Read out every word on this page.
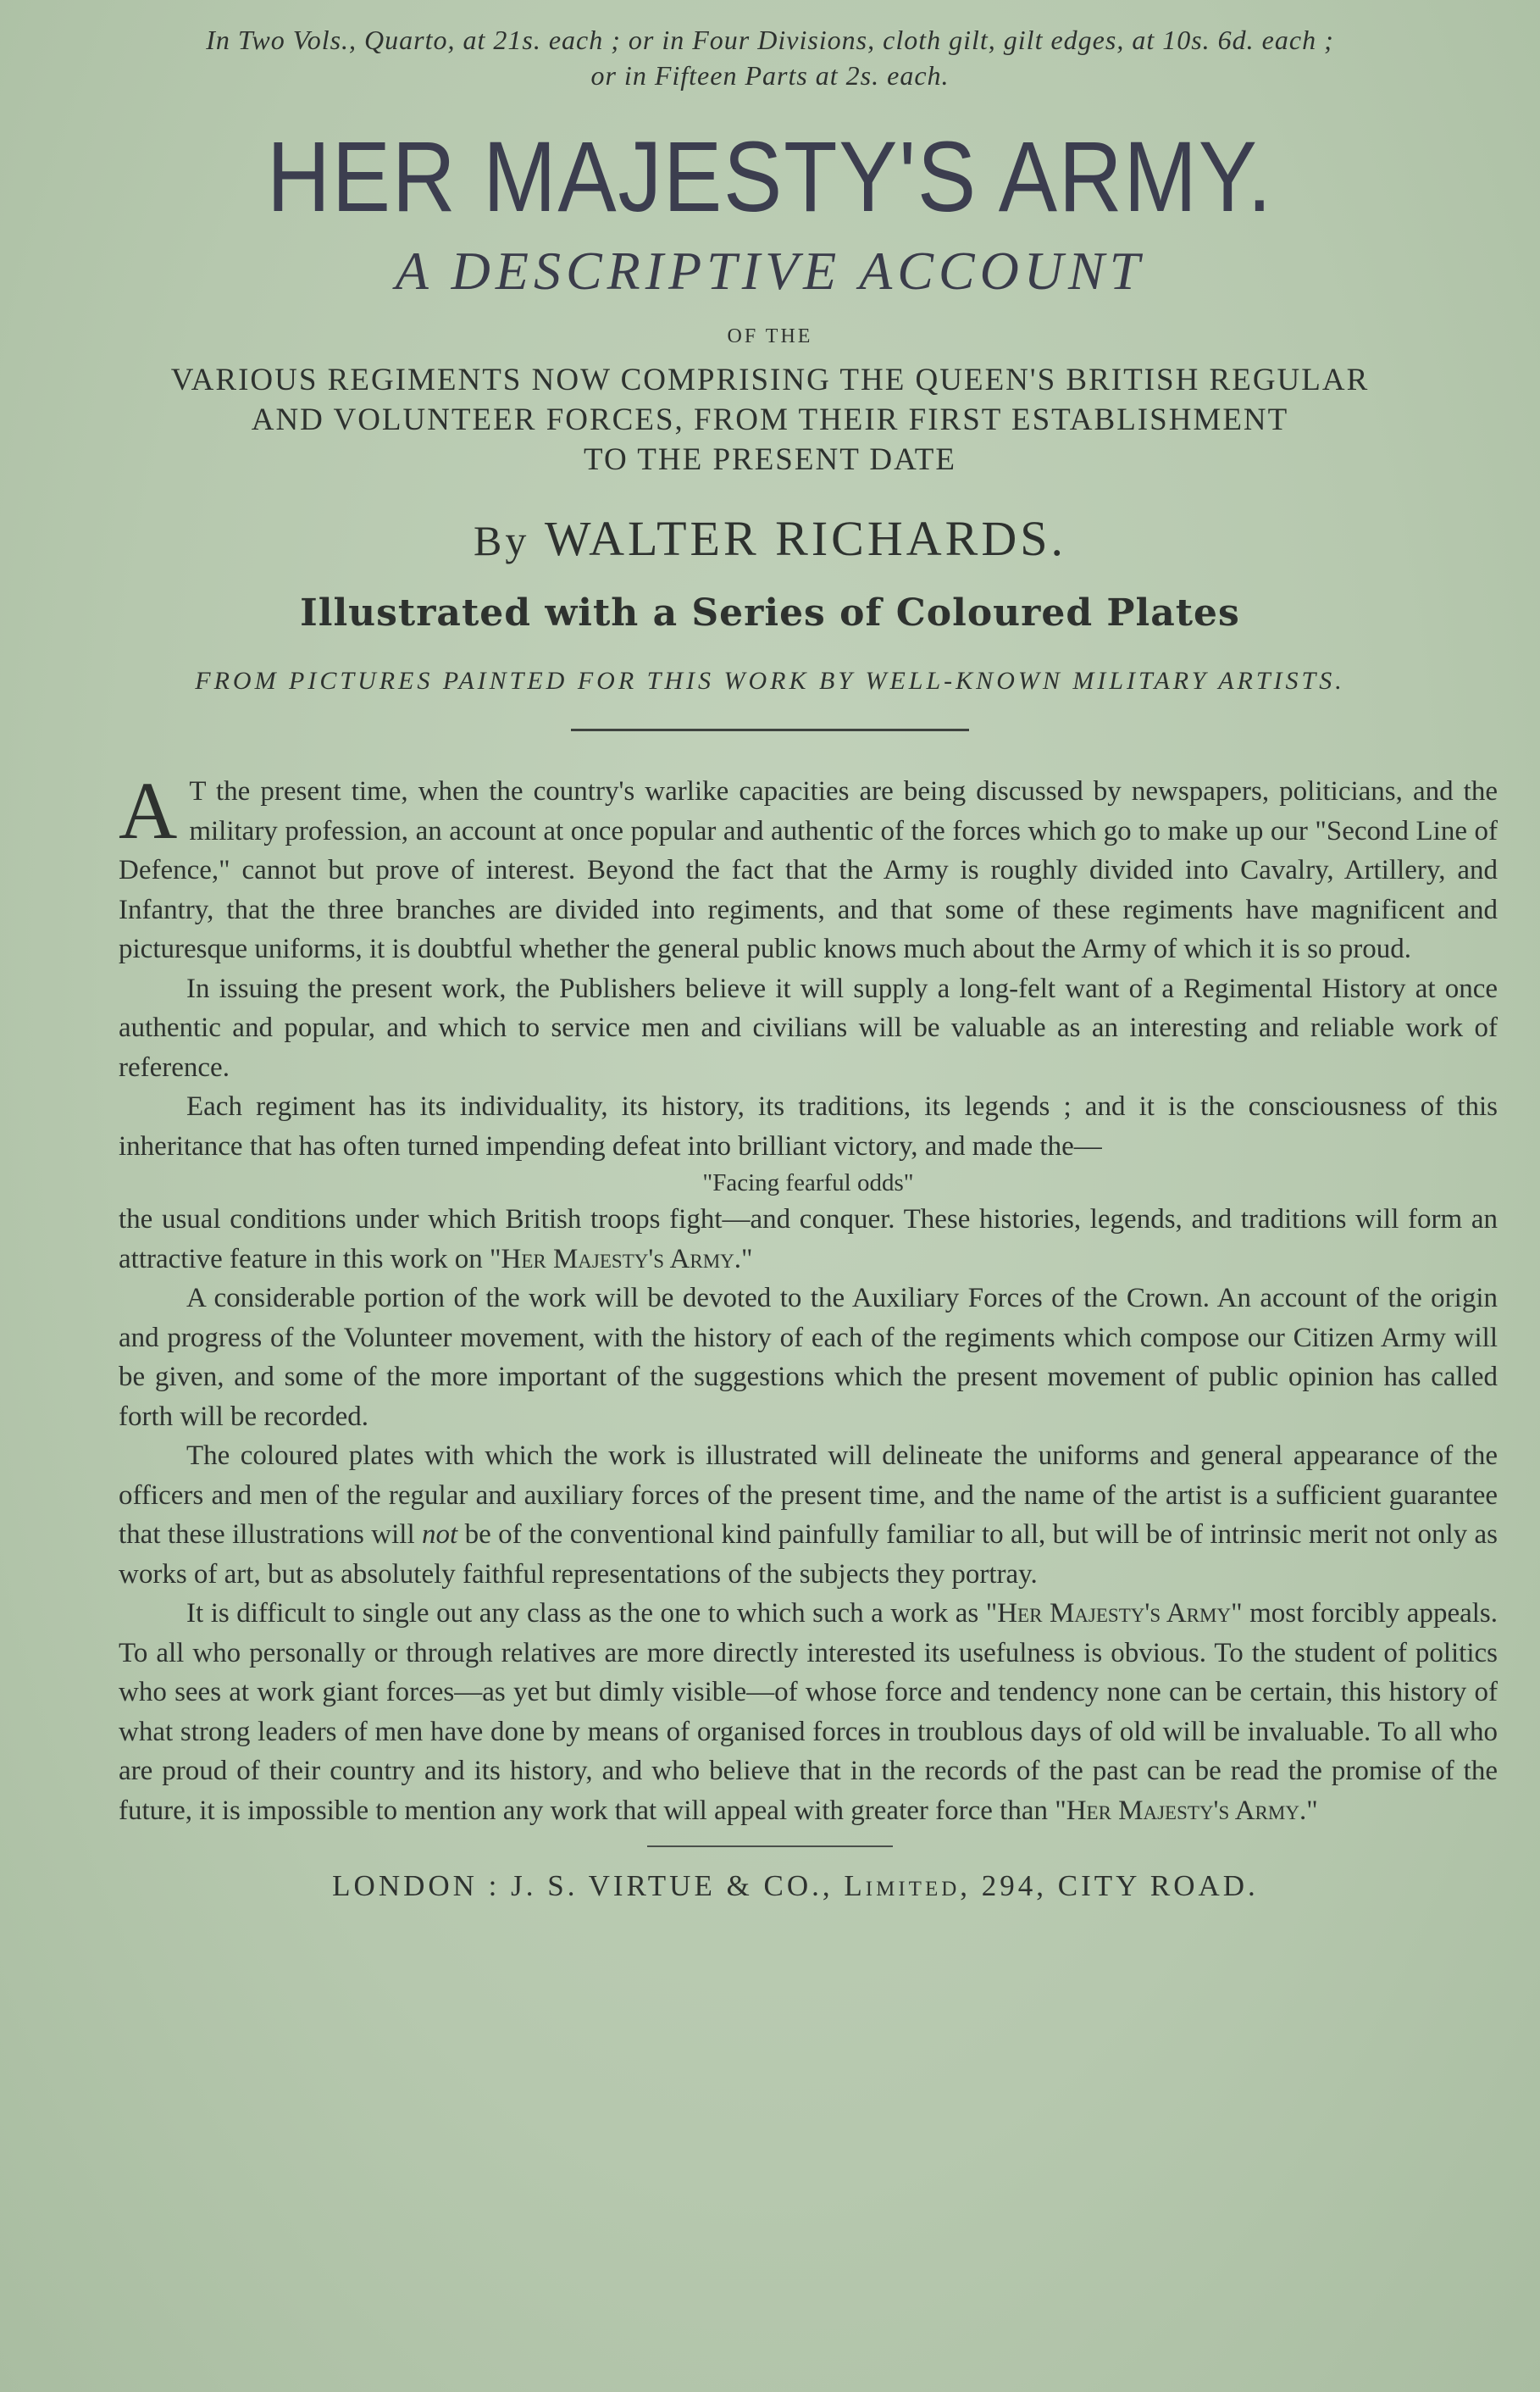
In Two Vols., Quarto, at 21s. each ; or in Four Divisions, cloth gilt, gilt edges, at 10s. 6d. each ;
or in Fifteen Parts at 2s. each.
HER MAJESTY'S ARMY.
A DESCRIPTIVE ACCOUNT
OF THE
VARIOUS REGIMENTS NOW COMPRISING THE QUEEN'S BRITISH REGULAR
AND VOLUNTEER FORCES, FROM THEIR FIRST ESTABLISHMENT
TO THE PRESENT DATE
By WALTER RICHARDS.
Illustrated with a Series of Coloured Plates
FROM PICTURES PAINTED FOR THIS WORK BY WELL-KNOWN MILITARY ARTISTS.

A T the present time, when the country's warlike capacities are being discussed by newspapers, politicians, and the military profession, an account at once popular and authentic of the forces which go to make up our "Second Line of Defence," cannot but prove of interest. Beyond the fact that the Army is roughly divided into Cavalry, Artillery, and Infantry, that the three branches are divided into regiments, and that some of these regiments have magnificent and picturesque uniforms, it is doubtful whether the general public knows much about the Army of which it is so proud.

In issuing the present work, the Publishers believe it will supply a long-felt want of a Regimental History at once authentic and popular, and which to service men and civilians will be valuable as an interesting and reliable work of reference.

Each regiment has its individuality, its history, its traditions, its legends ; and it is the consciousness of this inheritance that has often turned impending defeat into brilliant victory, and made the—

"Facing fearful odds"

the usual conditions under which British troops fight—and conquer. These histories, legends, and traditions will form an attractive feature in this work on "Her Majesty's Army."

A considerable portion of the work will be devoted to the Auxiliary Forces of the Crown. An account of the origin and progress of the Volunteer movement, with the history of each of the regiments which compose our Citizen Army will be given, and some of the more important of the suggestions which the present movement of public opinion has called forth will be recorded.

The coloured plates with which the work is illustrated will delineate the uniforms and general appearance of the officers and men of the regular and auxiliary forces of the present time, and the name of the artist is a sufficient guarantee that these illustrations will not be of the conventional kind painfully familiar to all, but will be of intrinsic merit not only as works of art, but as absolutely faithful representations of the subjects they portray.

It is difficult to single out any class as the one to which such a work as "Her Majesty's Army" most forcibly appeals. To all who personally or through relatives are more directly interested its usefulness is obvious. To the student of politics who sees at work giant forces—as yet but dimly visible—of whose force and tendency none can be certain, this history of what strong leaders of men have done by means of organised forces in troublous days of old will be invaluable. To all who are proud of their country and its history, and who believe that in the records of the past can be read the promise of the future, it is impossible to mention any work that will appeal with greater force than "Her Majesty's Army."

LONDON : J. S. VIRTUE & CO., Limited, 294, CITY ROAD.
